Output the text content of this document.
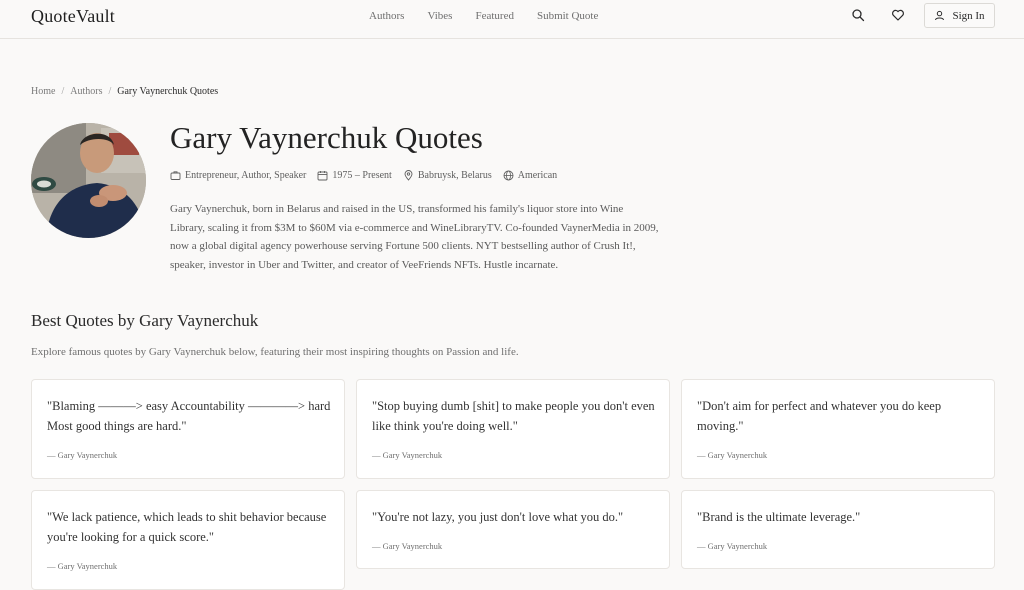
QuoteVault	Authors Vibes Featured Submit Quote	Sign In
Home / Authors / Gary Vaynerchuk Quotes
Gary Vaynerchuk Quotes
Entrepreneur, Author, Speaker	1975 – Present	Babruysk, Belarus	American

Gary Vaynerchuk, born in Belarus and raised in the US, transformed his family's liquor store into Wine Library, scaling it from $3M to $60M via e-commerce and WineLibraryTV. Co-founded VaynerMedia in 2009, now a global digital agency powerhouse serving Fortune 500 clients. NYT bestselling author of Crush It!, speaker, investor in Uber and Twitter, and creator of VeeFriends NFTs. Hustle incarnate.

Best Quotes by Gary Vaynerchuk

Explore famous quotes by Gary Vaynerchuk below, featuring their most inspiring thoughts on Passion and life.

"Blaming ———> easy Accountability ————> hard Most good things are hard."

— Gary Vaynerchuk

"Stop buying dumb [shit] to make people you don't even like think you're doing well."

— Gary Vaynerchuk

"Don't aim for perfect and whatever you do keep moving."

— Gary Vaynerchuk

"We lack patience, which leads to shit behavior because you're looking for a quick score."

— Gary Vaynerchuk

"You're not lazy, you just don't love what you do."

— Gary Vaynerchuk

"Brand is the ultimate leverage."

— Gary Vaynerchuk
